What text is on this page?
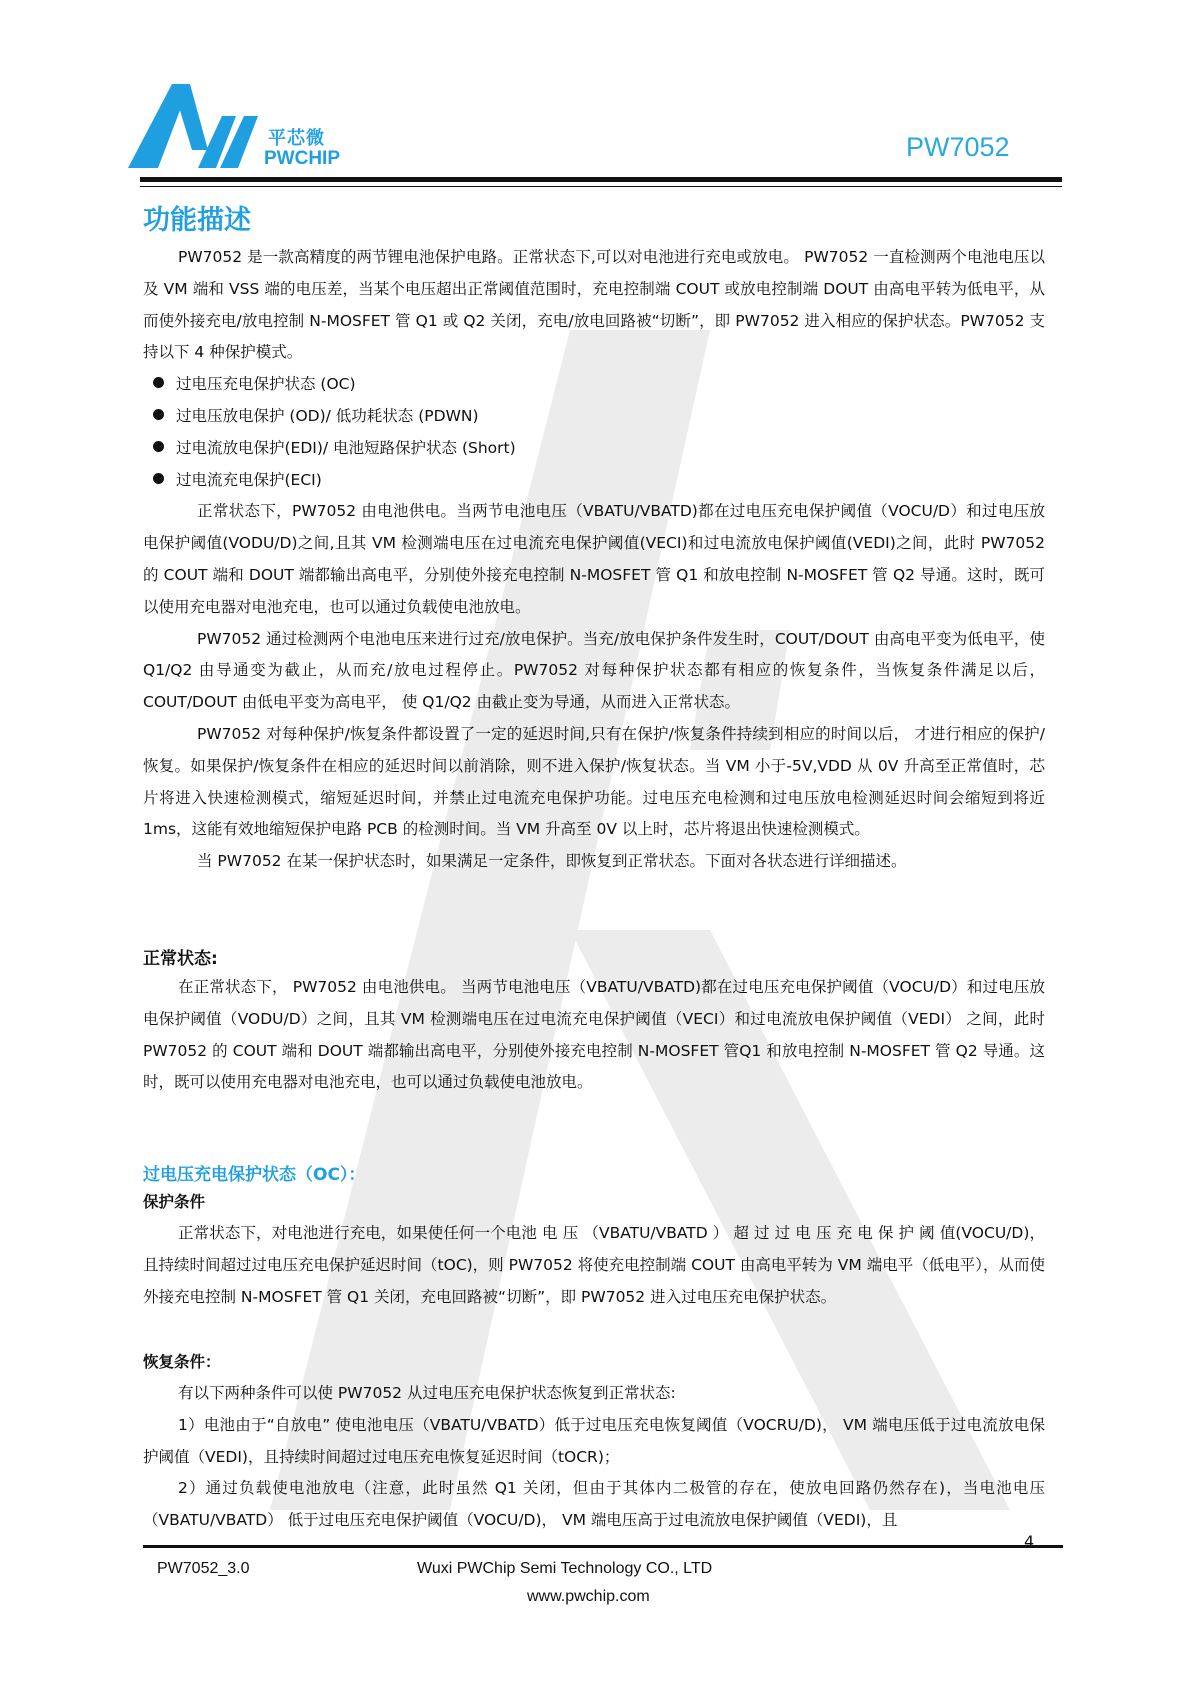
平芯微
PWCHIP	PW7052
功能描述

PW7052 是一款高精度的两节锂电池保护电路。正常状态下,可以对电池进行充电或放电。 PW7052 一直检测两个电池电压以及 VM 端和 VSS 端的电压差，当某个电压超出正常阈值范围时，充电控制端 COUT 或放电控制端 DOUT 由高电平转为低电平，从而使外接充电/放电控制 N-MOSFET 管 Q1 或 Q2 关闭，充电/放电回路被“切断”，即 PW7052 进入相应的保护状态。PW7052 支持以下 4 种保护模式。

过电压充电保护状态 (OC)

过电压放电保护 (OD)/ 低功耗状态 (PDWN)

过电流放电保护(EDI)/ 电池短路保护状态 (Short)

过电流充电保护(ECI)

正常状态下，PW7052 由电池供电。当两节电池电压（VBATU/VBATD)都在过电压充电保护阈值（VOCU/D）和过电压放电保护阈值(VODU/D)之间,且其 VM 检测端电压在过电流充电保护阈值(VECI)和过电流放电保护阈值(VEDI)之间，此时 PW7052 的 COUT 端和 DOUT 端都输出高电平，分别使外接充电控制 N-MOSFET 管 Q1 和放电控制 N-MOSFET 管 Q2 导通。这时，既可以使用充电器对电池充电，也可以通过负载使电池放电。

PW7052 通过检测两个电池电压来进行过充/放电保护。当充/放电保护条件发生时，COUT/DOUT 由高电平变为低电平，使 Q1/Q2 由导通变为截止，从而充/放电过程停止。PW7052 对每种保护状态都有相应的恢复条件，当恢复条件满足以后，COUT/DOUT 由低电平变为高电平， 使 Q1/Q2 由截止变为导通，从而进入正常状态。

PW7052 对每种保护/恢复条件都设置了一定的延迟时间,只有在保护/恢复条件持续到相应的时间以后， 才进行相应的保护/恢复。如果保护/恢复条件在相应的延迟时间以前消除，则不进入保护/恢复状态。当 VM 小于-5V,VDD 从 0V 升高至正常值时，芯片将进入快速检测模式，缩短延迟时间，并禁止过电流充电保护功能。过电压充电检测和过电压放电检测延迟时间会缩短到将近 1ms，这能有效地缩短保护电路 PCB 的检测时间。当 VM 升高至 0V 以上时，芯片将退出快速检测模式。

当 PW7052 在某一保护状态时，如果满足一定条件，即恢复到正常状态。下面对各状态进行详细描述。

正常状态:

在正常状态下， PW7052 由电池供电。 当两节电池电压（VBATU/VBATD)都在过电压充电保护阈值（VOCU/D）和过电压放电保护阈值（VODU/D）之间，且其 VM 检测端电压在过电流充电保护阈值（VECI）和过电流放电保护阈值（VEDI） 之间，此时 PW7052 的 COUT 端和 DOUT 端都输出高电平，分别使外接充电控制 N-MOSFET 管Q1 和放电控制 N-MOSFET 管 Q2 导通。这时，既可以使用充电器对电池充电，也可以通过负载使电池放电。

过电压充电保护状态（OC）：
保护条件

正常状态下，对电池进行充电，如果使任何一个电池 电 压 （VBATU/VBATD ） 超 过 过 电 压 充 电 保 护 阈 值(VOCU/D)，且持续时间超过过电压充电保护延迟时间（tOC)，则 PW7052 将使充电控制端 COUT 由高电平转为 VM 端电平（低电平），从而使外接充电控制 N-MOSFET 管 Q1 关闭，充电回路被“切断”，即 PW7052 进入过电压充电保护状态。

恢复条件：

有以下两种条件可以使 PW7052 从过电压充电保护状态恢复到正常状态:

1）电池由于“自放电” 使电池电压（VBATU/VBATD）低于过电压充电恢复阈值（VOCRU/D)， VM 端电压低于过电流放电保护阈值（VEDI)，且持续时间超过过电压充电恢复延迟时间（tOCR)；

2）通过负载使电池放电（注意，此时虽然 Q1 关闭，但由于其体内二极管的存在，使放电回路仍然存在)，当电池电压（VBATU/VBATD） 低于过电压充电保护阈值（VOCU/D)， VM 端电压高于过电流放电保护阈值（VEDI)，且

4
PW7052_3.0	Wuxi PWChip Semi Technology CO., LTD
www.pwchip.com
